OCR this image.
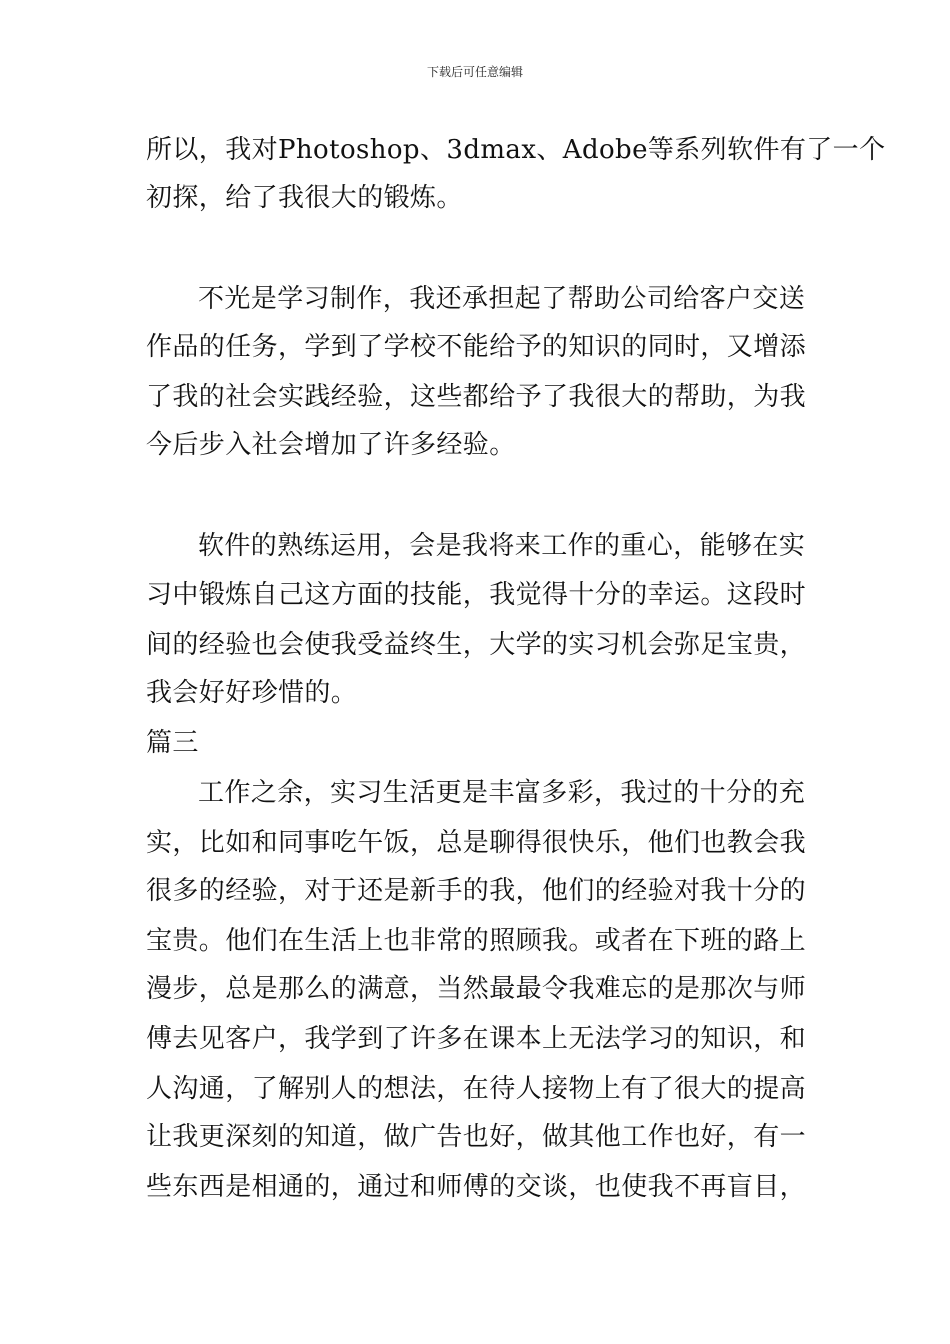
下载后可任意编辑
所以，我对Photoshop、3dmax、Adobe等系列软件有了一个
初探，给了我很大的锻炼。
不光是学习制作，我还承担起了帮助公司给客户交送
作品的任务，学到了学校不能给予的知识的同时，又增添
了我的社会实践经验，这些都给予了我很大的帮助，为我
今后步入社会增加了许多经验。
软件的熟练运用，会是我将来工作的重心，能够在实
习中锻炼自己这方面的技能，我觉得十分的幸运。这段时
间的经验也会使我受益终生，大学的实习机会弥足宝贵，
我会好好珍惜的。
篇三
工作之余，实习生活更是丰富多彩，我过的十分的充
实，比如和同事吃午饭，总是聊得很快乐，他们也教会我
很多的经验，对于还是新手的我，他们的经验对我十分的
宝贵。他们在生活上也非常的照顾我。或者在下班的路上
漫步，总是那么的满意，当然最最令我难忘的是那次与师
傅去见客户，我学到了许多在课本上无法学习的知识，和
人沟通，了解别人的想法，在待人接物上有了很大的提高
让我更深刻的知道，做广告也好，做其他工作也好，有一
些东西是相通的，通过和师傅的交谈，也使我不再盲目，
